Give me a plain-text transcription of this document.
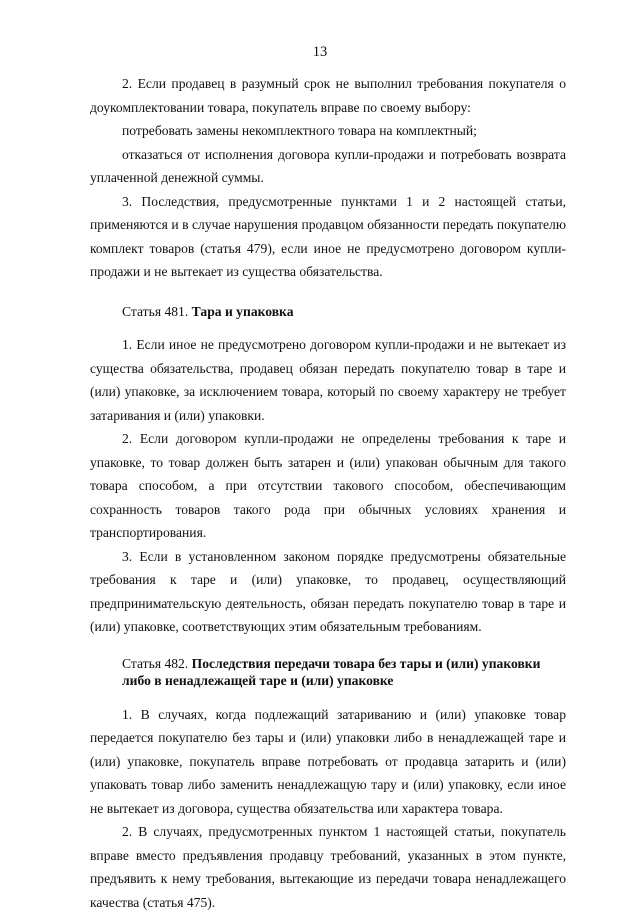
13

2. Если продавец в разумный срок не выполнил требования покупателя о доукомплектовании товара, покупатель вправе по своему выбору:

потребовать замены некомплектного товара на комплектный;

отказаться от исполнения договора купли-продажи и потребовать возврата уплаченной денежной суммы.

3. Последствия, предусмотренные пунктами 1 и 2 настоящей статьи, применяются и в случае нарушения продавцом обязанности передать покупателю комплект товаров (статья 479), если иное не предусмотрено договором купли-продажи и не вытекает из существа обязательства.

Статья 481. Тара и упаковка

1. Если иное не предусмотрено договором купли-продажи и не вытекает из существа обязательства, продавец обязан передать покупателю товар в таре и (или) упаковке, за исключением товара, который по своему характеру не требует затаривания и (или) упаковки.

2. Если договором купли-продажи не определены требования к таре и упаковке, то товар должен быть затарен и (или) упакован обычным для такого товара способом, а при отсутствии такового способом, обеспечивающим сохранность товаров такого рода при обычных условиях хранения и транспортирования.

3. Если в установленном законом порядке предусмотрены обязательные требования к таре и (или) упаковке, то продавец, осуществляющий предпринимательскую деятельность, обязан передать покупателю товар в таре и (или) упаковке, соответствующих этим обязательным требованиям.

Статья 482. Последствия передачи товара без тары и (или) упаковки либо в ненадлежащей таре и (или) упаковке

1. В случаях, когда подлежащий затариванию и (или) упаковке товар передается покупателю без тары и (или) упаковки либо в ненадлежащей таре и (или) упаковке, покупатель вправе потребовать от продавца затарить и (или) упаковать товар либо заменить ненадлежащую тару и (или) упаковку, если иное не вытекает из договора, существа обязательства или характера товара.

2. В случаях, предусмотренных пунктом 1 настоящей статьи, покупатель вправе вместо предъявления продавцу требований, указанных в этом пункте, предъявить к нему требования, вытекающие из передачи товара ненадлежащего качества (статья 475).
